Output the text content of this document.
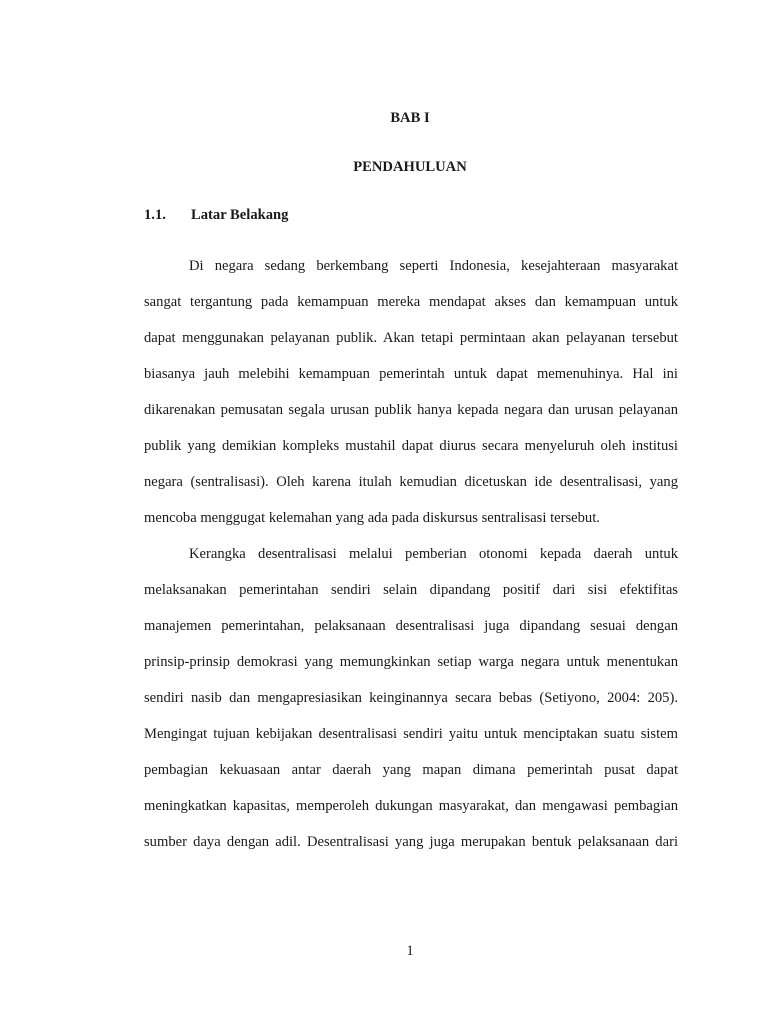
BAB I
PENDAHULUAN
1.1. Latar Belakang
Di negara sedang berkembang seperti Indonesia, kesejahteraan masyarakat
sangat tergantung pada kemampuan mereka mendapat akses dan kemampuan untuk
dapat menggunakan pelayanan publik. Akan tetapi permintaan akan pelayanan tersebut
biasanya jauh melebihi kemampuan pemerintah untuk dapat memenuhinya. Hal ini
dikarenakan pemusatan segala urusan publik hanya kepada negara dan urusan pelayanan
publik yang demikian kompleks mustahil dapat diurus secara menyeluruh oleh institusi
negara (sentralisasi). Oleh karena itulah kemudian dicetuskan ide desentralisasi, yang
mencoba menggugat kelemahan yang ada pada diskursus sentralisasi tersebut.
Kerangka desentralisasi melalui pemberian otonomi kepada daerah untuk
melaksanakan pemerintahan sendiri selain dipandang positif dari sisi efektifitas
manajemen pemerintahan, pelaksanaan desentralisasi juga dipandang sesuai dengan
prinsip-prinsip demokrasi yang memungkinkan setiap warga negara untuk menentukan
sendiri nasib dan mengapresiasikan keinginannya secara bebas (Setiyono, 2004: 205).
Mengingat tujuan kebijakan desentralisasi sendiri yaitu untuk menciptakan suatu sistem
pembagian kekuasaan antar daerah yang mapan dimana pemerintah pusat dapat
meningkatkan kapasitas, memperoleh dukungan masyarakat, dan mengawasi pembagian
sumber daya dengan adil. Desentralisasi yang juga merupakan bentuk pelaksanaan dari
1
